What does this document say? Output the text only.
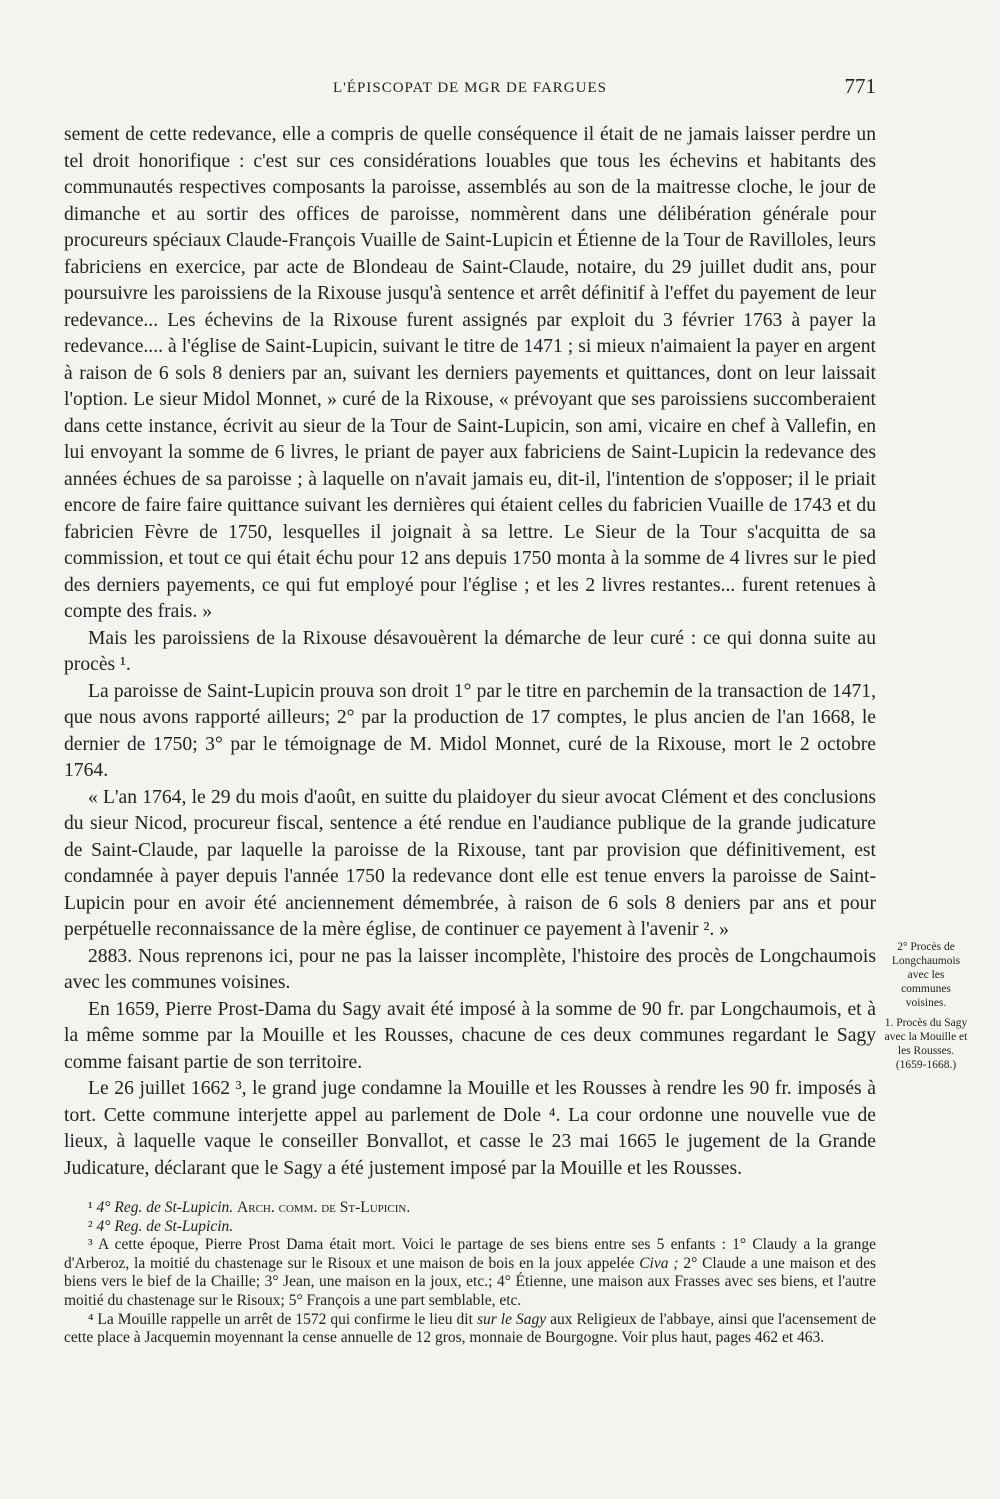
L'ÉPISCOPAT DE MGR DE FARGUES	771

sement de cette redevance, elle a compris de quelle conséquence il était de ne jamais laisser perdre un tel droit honorifique : c'est sur ces considérations louables que tous les échevins et habitants des communautés respectives composants la paroisse, assemblés au son de la maitresse cloche, le jour de dimanche et au sortir des offices de paroisse, nommèrent dans une délibération générale pour procureurs spéciaux Claude-François Vuaille de Saint-Lupicin et Étienne de la Tour de Ravilloles, leurs fabriciens en exercice, par acte de Blondeau de Saint-Claude, notaire, du 29 juillet dudit ans, pour poursuivre les paroissiens de la Rixouse jusqu'à sentence et arrêt définitif à l'effet du payement de leur redevance... Les échevins de la Rixouse furent assignés par exploit du 3 février 1763 à payer la redevance.... à l'église de Saint-Lupicin, suivant le titre de 1471 ; si mieux n'aimaient la payer en argent à raison de 6 sols 8 deniers par an, suivant les derniers payements et quittances, dont on leur laissait l'option. Le sieur Midol Monnet, » curé de la Rixouse, « prévoyant que ses paroissiens succomberaient dans cette instance, écrivit au sieur de la Tour de Saint-Lupicin, son ami, vicaire en chef à Vallefin, en lui envoyant la somme de 6 livres, le priant de payer aux fabriciens de Saint-Lupicin la redevance des années échues de sa paroisse ; à laquelle on n'avait jamais eu, dit-il, l'intention de s'opposer; il le priait encore de faire faire quittance suivant les dernières qui étaient celles du fabricien Vuaille de 1743 et du fabricien Fèvre de 1750, lesquelles il joignait à sa lettre. Le Sieur de la Tour s'acquitta de sa commission, et tout ce qui était échu pour 12 ans depuis 1750 monta à la somme de 4 livres sur le pied des derniers payements, ce qui fut employé pour l'église ; et les 2 livres restantes... furent retenues à compte des frais. »

Mais les paroissiens de la Rixouse désavouèrent la démarche de leur curé : ce qui donna suite au procès ¹.

La paroisse de Saint-Lupicin prouva son droit 1° par le titre en parchemin de la transaction de 1471, que nous avons rapporté ailleurs; 2° par la production de 17 comptes, le plus ancien de l'an 1668, le dernier de 1750; 3° par le témoignage de M. Midol Monnet, curé de la Rixouse, mort le 2 octobre 1764.

« L'an 1764, le 29 du mois d'août, en suitte du plaidoyer du sieur avocat Clément et des conclusions du sieur Nicod, procureur fiscal, sentence a été rendue en l'audiance publique de la grande judicature de Saint-Claude, par laquelle la paroisse de la Rixouse, tant par provision que définitivement, est condamnée à payer depuis l'année 1750 la redevance dont elle est tenue envers la paroisse de Saint-Lupicin pour en avoir été anciennement démembrée, à raison de 6 sols 8 deniers par ans et pour perpétuelle reconnaissance de la mère église, de continuer ce payement à l'avenir ². »

2883. Nous reprenons ici, pour ne pas la laisser incomplète, l'histoire des procès de Longchaumois avec les communes voisines.

En 1659, Pierre Prost-Dama du Sagy avait été imposé à la somme de 90 fr. par Longchaumois, et à la même somme par la Mouille et les Rousses, chacune de ces deux communes regardant le Sagy comme faisant partie de son territoire.

Le 26 juillet 1662 ³, le grand juge condamne la Mouille et les Rousses à rendre les 90 fr. imposés à tort. Cette commune interjette appel au parlement de Dole ⁴. La cour ordonne une nouvelle vue de lieux, à laquelle vaque le conseiller Bonvallot, et casse le 23 mai 1665 le jugement de la Grande Judicature, déclarant que le Sagy a été justement imposé par la Mouille et les Rousses.

2° Procès de Longchaumois avec les communes voisines.
1. Procès du Sagy avec la Mouille et les Rousses. (1659-1668.)

¹ 4° Reg. de St-Lupicin. Arch. comm. de St-Lupicin.

² 4° Reg. de St-Lupicin.

³ A cette époque, Pierre Prost Dama était mort. Voici le partage de ses biens entre ses 5 enfants : 1° Claudy a la grange d'Arberoz, la moitié du chastenage sur le Risoux et une maison de bois en la joux appelée Civa ; 2° Claude a une maison et des biens vers le bief de la Chaille; 3° Jean, une maison en la joux, etc.; 4° Étienne, une maison aux Frasses avec ses biens, et l'autre moitié du chastenage sur le Risoux; 5° François a une part semblable, etc.

⁴ La Mouille rappelle un arrêt de 1572 qui confirme le lieu dit sur le Sagy aux Religieux de l'abbaye, ainsi que l'acensement de cette place à Jacquemin moyennant la cense annuelle de 12 gros, monnaie de Bourgogne. Voir plus haut, pages 462 et 463.
